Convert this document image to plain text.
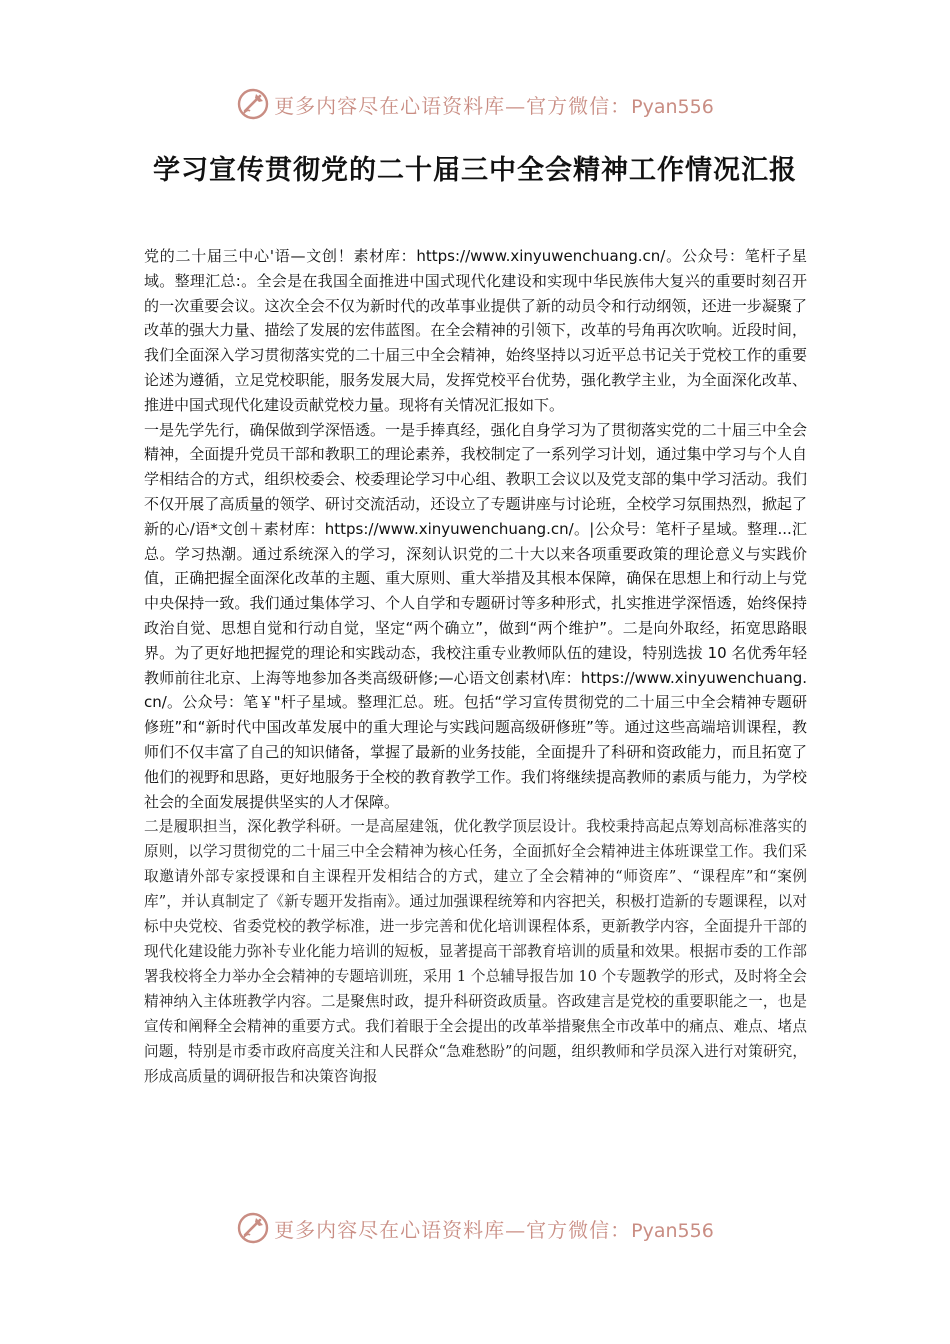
更多内容尽在心语资料库—官方微信：Pyan556
学习宣传贯彻党的二十届三中全会精神工作情况汇报

党的二十届三中心'语—文创！素材库：https://www.xinyuwenchuang.cn/。公众号：笔杆子星域。整理汇总:。全会是在我国全面推进中国式现代化建设和实现中华民族伟大复兴的重要时刻召开的一次重要会议。这次全会不仅为新时代的改革事业提供了新的动员令和行动纲领，还进一步凝聚了改革的强大力量、描绘了发展的宏伟蓝图。在全会精神的引领下，改革的号角再次吹响。近段时间，我们全面深入学习贯彻落实党的二十届三中全会精神，始终坚持以习近平总书记关于党校工作的重要论述为遵循，立足党校职能，服务发展大局，发挥党校平台优势，强化教学主业，为全面深化改革、推进中国式现代化建设贡献党校力量。现将有关情况汇报如下。

一是先学先行，确保做到学深悟透。一是手捧真经，强化自身学习为了贯彻落实党的二十届三中全会精神，全面提升党员干部和教职工的理论素养，我校制定了一系列学习计划，通过集中学习与个人自学相结合的方式，组织校委会、校委理论学习中心组、教职工会议以及党支部的集中学习活动。我们不仅开展了高质量的领学、研讨交流活动，还设立了专题讲座与讨论班，全校学习氛围热烈，掀起了新的心/语*文创＋素材库：https://www.xinyuwenchuang.cn/。|公众号：笔杆子星域。整理...汇总。学习热潮。通过系统深入的学习，深刻认识党的二十大以来各项重要政策的理论意义与实践价值，正确把握全面深化改革的主题、重大原则、重大举措及其根本保障，确保在思想上和行动上与党中央保持一致。我们通过集体学习、个人自学和专题研讨等多种形式，扎实推进学深悟透，始终保持政治自觉、思想自觉和行动自觉，坚定“两个确立”，做到“两个维护”。二是向外取经，拓宽思路眼界。为了更好地把握党的理论和实践动态，我校注重专业教师队伍的建设，特别选拔 10 名优秀年轻教师前往北京、上海等地参加各类高级研修;—心语文创素材\库：https://www.xinyuwenchuang.cn/。公众号：笔￥"杆子星域。整理汇总。班。包括“学习宣传贯彻党的二十届三中全会精神专题研修班”和“新时代中国改革发展中的重大理论与实践问题高级研修班”等。通过这些高端培训课程，教师们不仅丰富了自己的知识储备，掌握了最新的业务技能，全面提升了科研和资政能力，而且拓宽了他们的视野和思路，更好地服务于全校的教育教学工作。我们将继续提高教师的素质与能力，为学校社会的全面发展提供坚实的人才保障。

二是履职担当，深化教学科研。一是高屋建瓴，优化教学顶层设计。我校秉持高起点筹划高标准落实的原则，以学习贯彻党的二十届三中全会精神为核心任务，全面抓好全会精神进主体班课堂工作。我们采取邀请外部专家授课和自主课程开发相结合的方式，建立了全会精神的“师资库”、“课程库”和“案例库”，并认真制定了《新专题开发指南》。通过加强课程统筹和内容把关，积极打造新的专题课程，以对标中央党校、省委党校的教学标准，进一步完善和优化培训课程体系，更新教学内容，全面提升干部的现代化建设能力弥补专业化能力培训的短板，显著提高干部教育培训的质量和效果。根据市委的工作部署我校将全力举办全会精神的专题培训班，采用 1 个总辅导报告加 10 个专题教学的形式，及时将全会精神纳入主体班教学内容。二是聚焦时政，提升科研资政质量。咨政建言是党校的重要职能之一，也是宣传和阐释全会精神的重要方式。我们着眼于全会提出的改革举措聚焦全市改革中的痛点、难点、堵点问题，特别是市委市政府高度关注和人民群众“急难愁盼”的问题，组织教师和学员深入进行对策研究，形成高质量的调研报告和决策咨询报

更多内容尽在心语资料库—官方微信：Pyan556
